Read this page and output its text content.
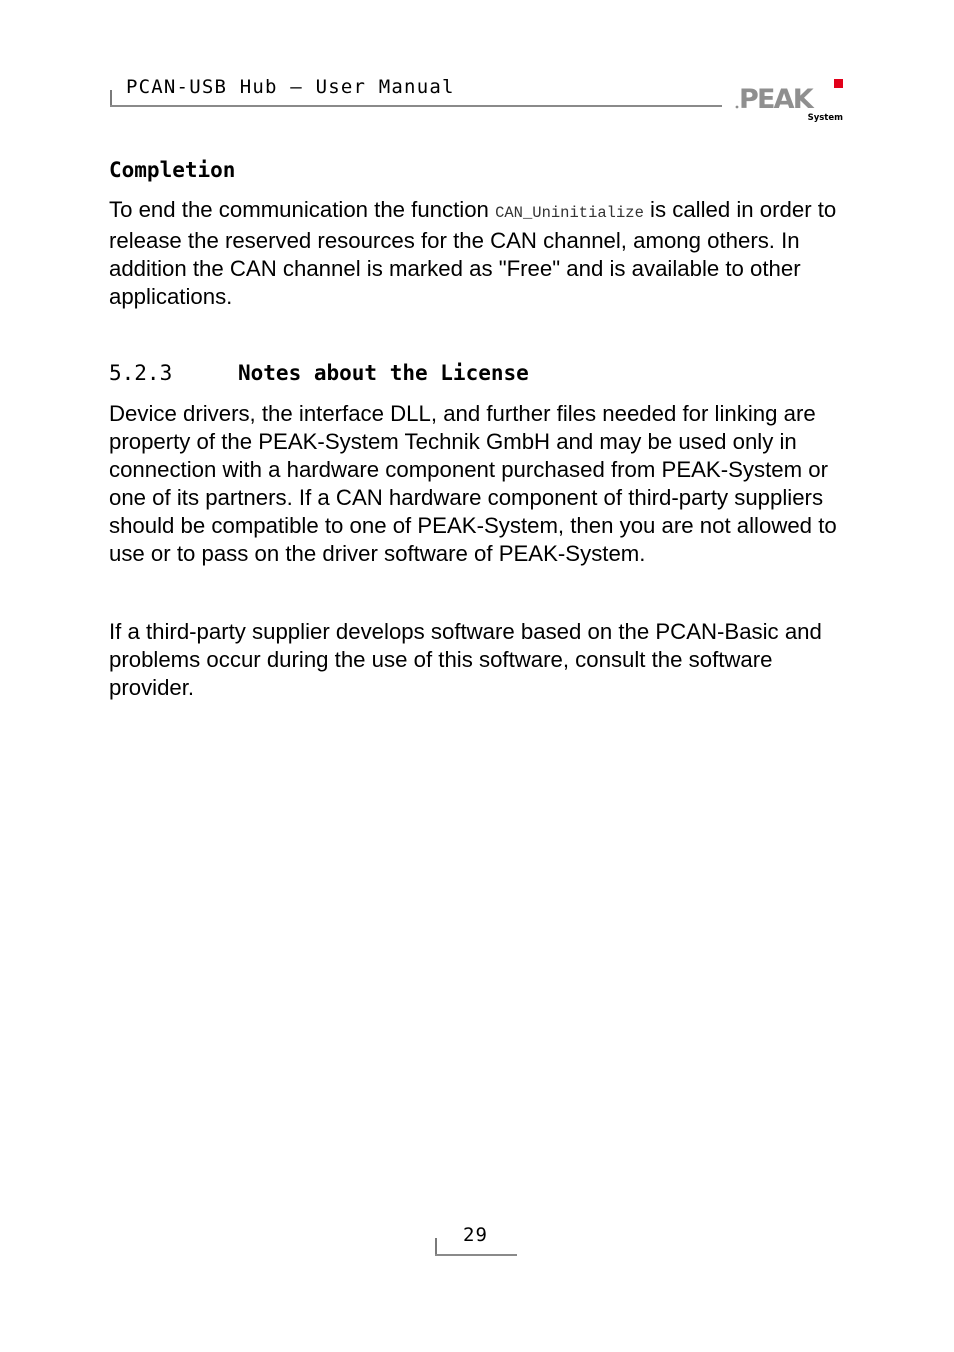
PCAN-USB Hub – User Manual	PEAK
System
Completion

To end the communication the function CAN_Uninitialize is called in order to release the reserved resources for the CAN channel, among others. In addition the CAN channel is marked as "Free" and is available to other applications.

5.2.3	Notes about the License

Device drivers, the interface DLL, and further files needed for linking are property of the PEAK-System Technik GmbH and may be used only in connection with a hardware component purchased from PEAK-System or one of its partners. If a CAN hardware component of third-party suppliers should be compatible to one of PEAK-System, then you are not allowed to use or to pass on the driver software of PEAK-System.

If a third-party supplier develops software based on the PCAN-Basic and problems occur during the use of this software, consult the software provider.

29
